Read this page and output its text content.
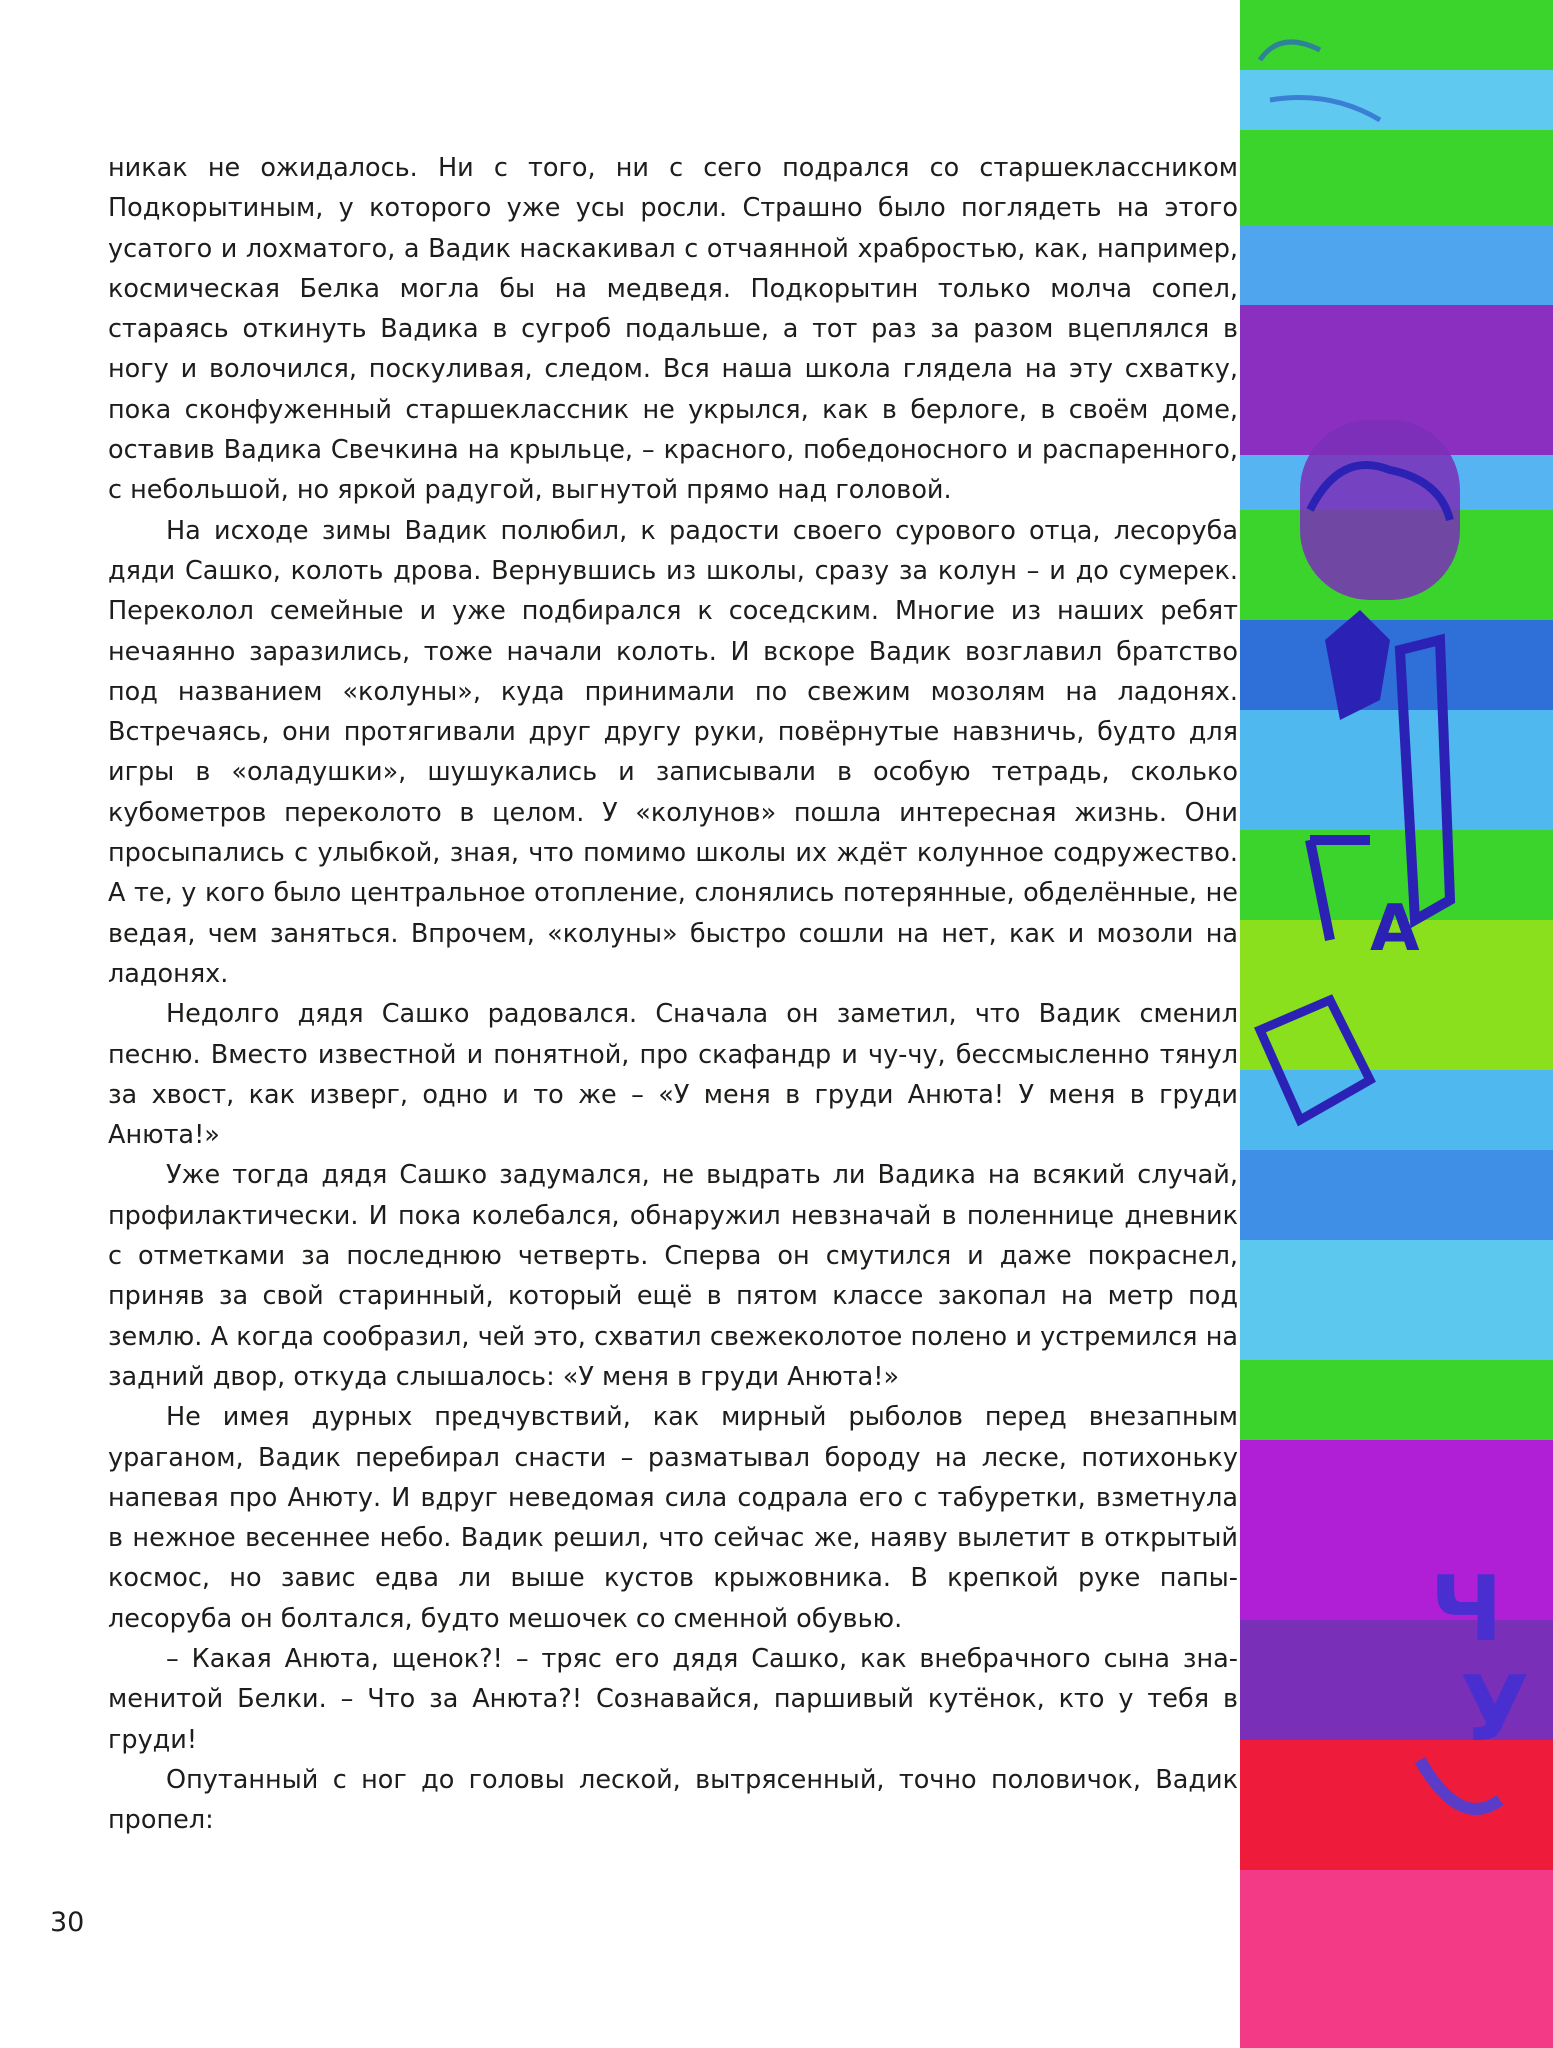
никак не ожидалось. Ни с того, ни с сего подрался со старшеклассником Подкорытиным, у которого уже усы росли. Страшно было поглядеть на этого усатого и лохматого, а Вадик наскакивал с отчаянной храбростью, как, например, космическая Белка могла бы на медведя. Подкорытин только молча сопел, стараясь откинуть Вадика в сугроб подальше, а тот раз за разом вцеплялся в ногу и волочился, поскуливая, следом. Вся наша школа глядела на эту схватку, пока сконфуженный старшеклассник не укрылся, как в берлоге, в своём доме, оставив Вадика Свечкина на крыльце, – красного, победоносного и распаренного, с небольшой, но яркой радугой, выгнутой прямо над головой.

На исходе зимы Вадик полюбил, к радости своего сурового отца, лесоруба дяди Сашко, колоть дрова. Вернувшись из школы, сразу за колун – и до сумерек. Переколол семейные и уже подбирался к соседским. Многие из наших ребят нечаянно заразились, тоже начали колоть. И вскоре Вадик возглавил братство под названием «колуны», куда принимали по свежим мозолям на ладонях. Встречаясь, они протягивали друг другу руки, повёрнутые навзничь, будто для игры в «оладушки», шушукались и записывали в особую тетрадь, сколько кубометров переколото в целом. У «колунов» пошла интересная жизнь. Они просыпались с улыбкой, зная, что помимо школы их ждёт колунное содружество. А те, у кого было центральное отопление, слонялись потерянные, обделённые, не ведая, чем заняться. Впрочем, «колуны» быстро сошли на нет, как и мозоли на ладонях.

Недолго дядя Сашко радовался. Сначала он заметил, что Вадик сменил песню. Вместо известной и понятной, про скафандр и чу-чу, бессмысленно тянул за хвост, как изверг, одно и то же – «У меня в груди Анюта! У меня в груди Анюта!»

Уже тогда дядя Сашко задумался, не выдрать ли Вадика на всякий случай, профилактически. И пока колебался, обнаружил невзначай в поленнице дневник с отметками за последнюю четверть. Сперва он смутился и даже покраснел, приняв за свой старинный, который ещё в пятом классе закопал на метр под землю. А когда сообразил, чей это, схватил свежеколотое полено и устремился на задний двор, откуда слышалось: «У меня в груди Анюта!»

Не имея дурных предчувствий, как мирный рыболов перед внезапным ураганом, Вадик перебирал снасти – разматывал бороду на леске, потихоньку напевая про Анюту. И вдруг неведомая сила содрала его с табуретки, взметнула в нежное весеннее небо. Вадик решил, что сейчас же, наяву вылетит в открытый космос, но завис едва ли выше кустов крыжовника. В крепкой руке папы-лесоруба он болтался, будто мешочек со сменной обувью.

– Какая Анюта, щенок?! – тряс его дядя Сашко, как внебрачного сына знаменитой Белки. – Что за Анюта?! Сознавайся, паршивый кутёнок, кто у тебя в груди!

Опутанный с ног до головы леской, вытрясенный, точно половичок, Вадик пропел:

30
A
Ч
У
